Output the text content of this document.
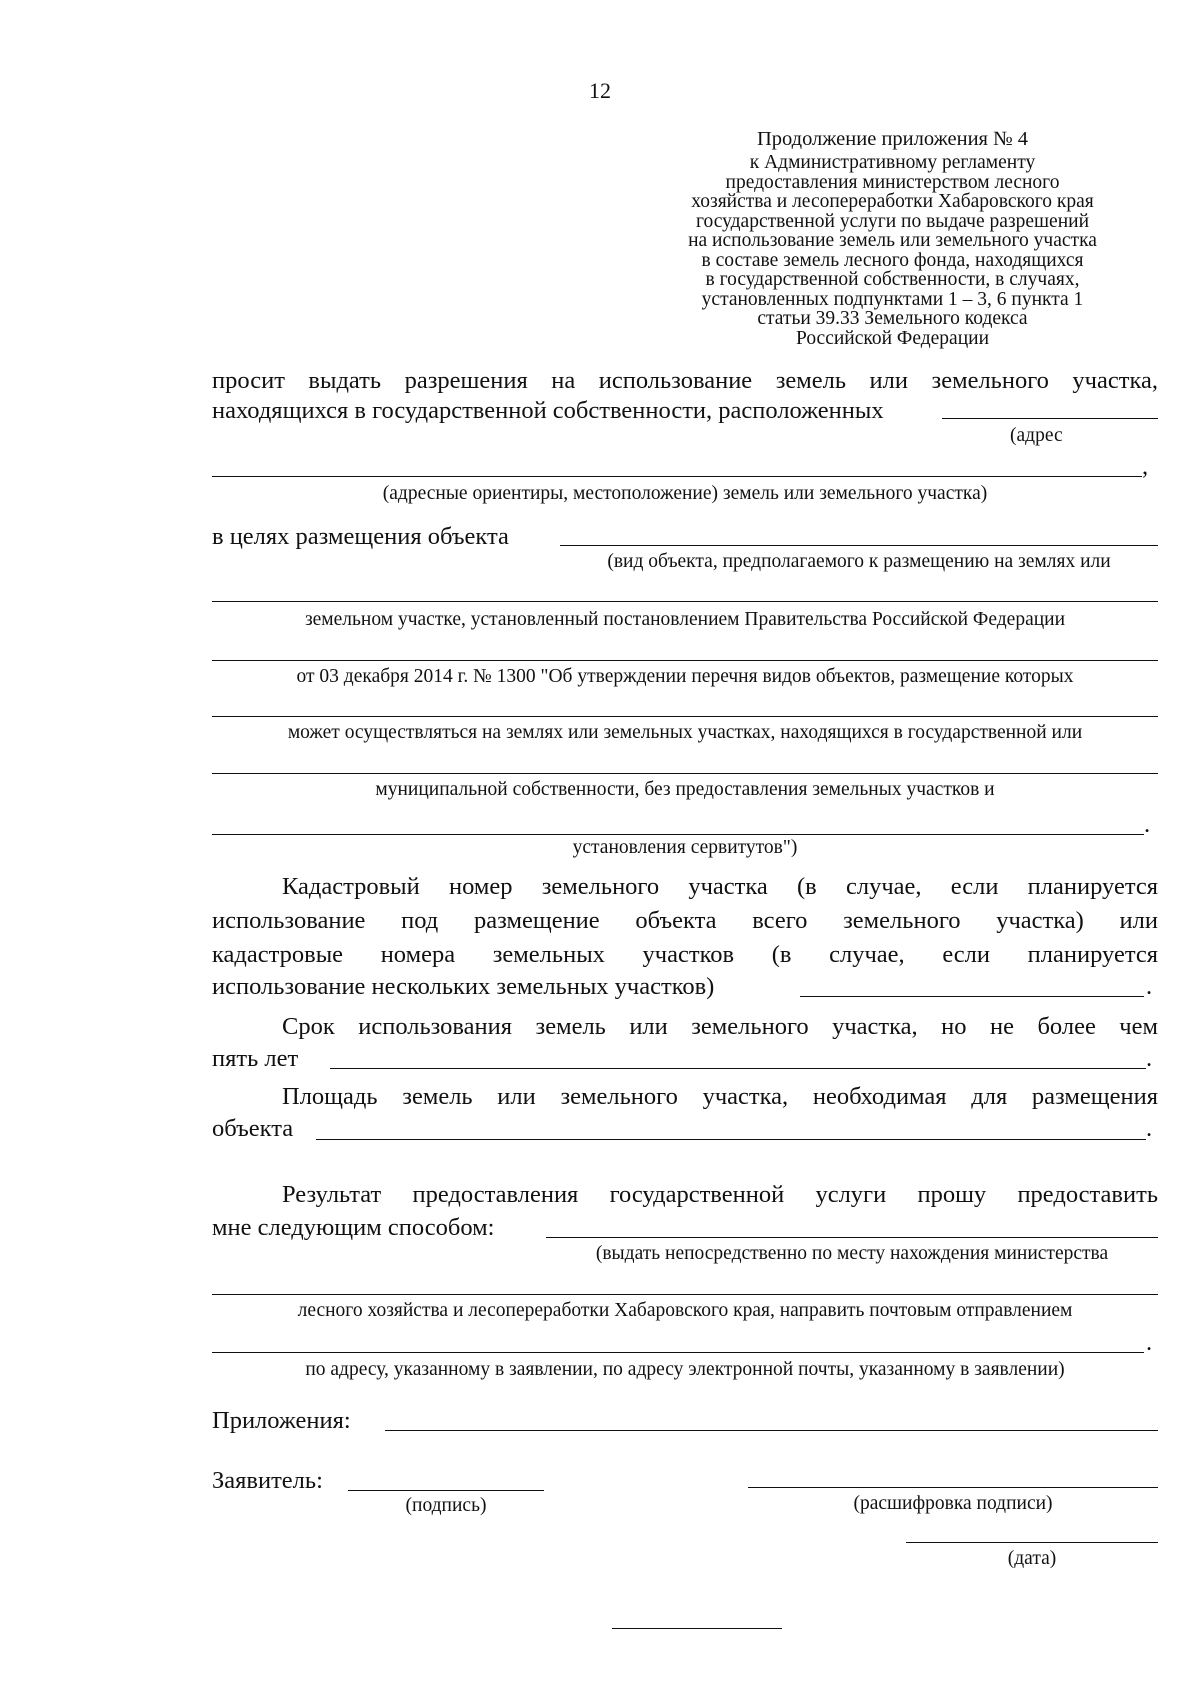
12
Продолжение приложения № 4
к Административному регламенту
предоставления министерством лесного
хозяйства и лесопереработки Хабаровского края
государственной услуги по выдаче разрешений
на использование земель или земельного участка
в составе земель лесного фонда, находящихся
в государственной собственности, в случаях,
установленных подпунктами 1 – 3, 6 пункта 1
статьи 39.33 Земельного кодекса
Российской Федерации
просит выдать разрешения на использование земель или земельного участка,
находящихся в государственной собственности, расположенных
(адрес
,
(адресные ориентиры, местоположение) земель или земельного участка)
в целях размещения объекта
(вид объекта, предполагаемого к размещению на землях или
земельном участке, установленный постановлением Правительства Российской Федерации
от 03 декабря 2014 г. № 1300 "Об утверждении перечня видов объектов, размещение которых
может осуществляться на землях или земельных участках, находящихся в государственной или
муниципальной собственности, без предоставления земельных участков и
.
установления сервитутов")
Кадастровый номер земельного участка (в случае, если планируется
использование под размещение объекта всего земельного участка) или
кадастровые номера земельных участков (в случае, если планируется
использование нескольких земельных участков)	.
Срок использования земель или земельного участка, но не более чем
пять лет	.
Площадь земель или земельного участка, необходимая для размещения
объекта	.
Результат предоставления государственной услуги прошу предоставить
мне следующим способом:
(выдать непосредственно по месту нахождения министерства
лесного хозяйства и лесопереработки Хабаровского края, направить почтовым отправлением
.
по адресу, указанному в заявлении, по адресу электронной почты, указанному в заявлении)
Приложения:
Заявитель:
(подпись)	(расшифровка подписи)
(дата)
